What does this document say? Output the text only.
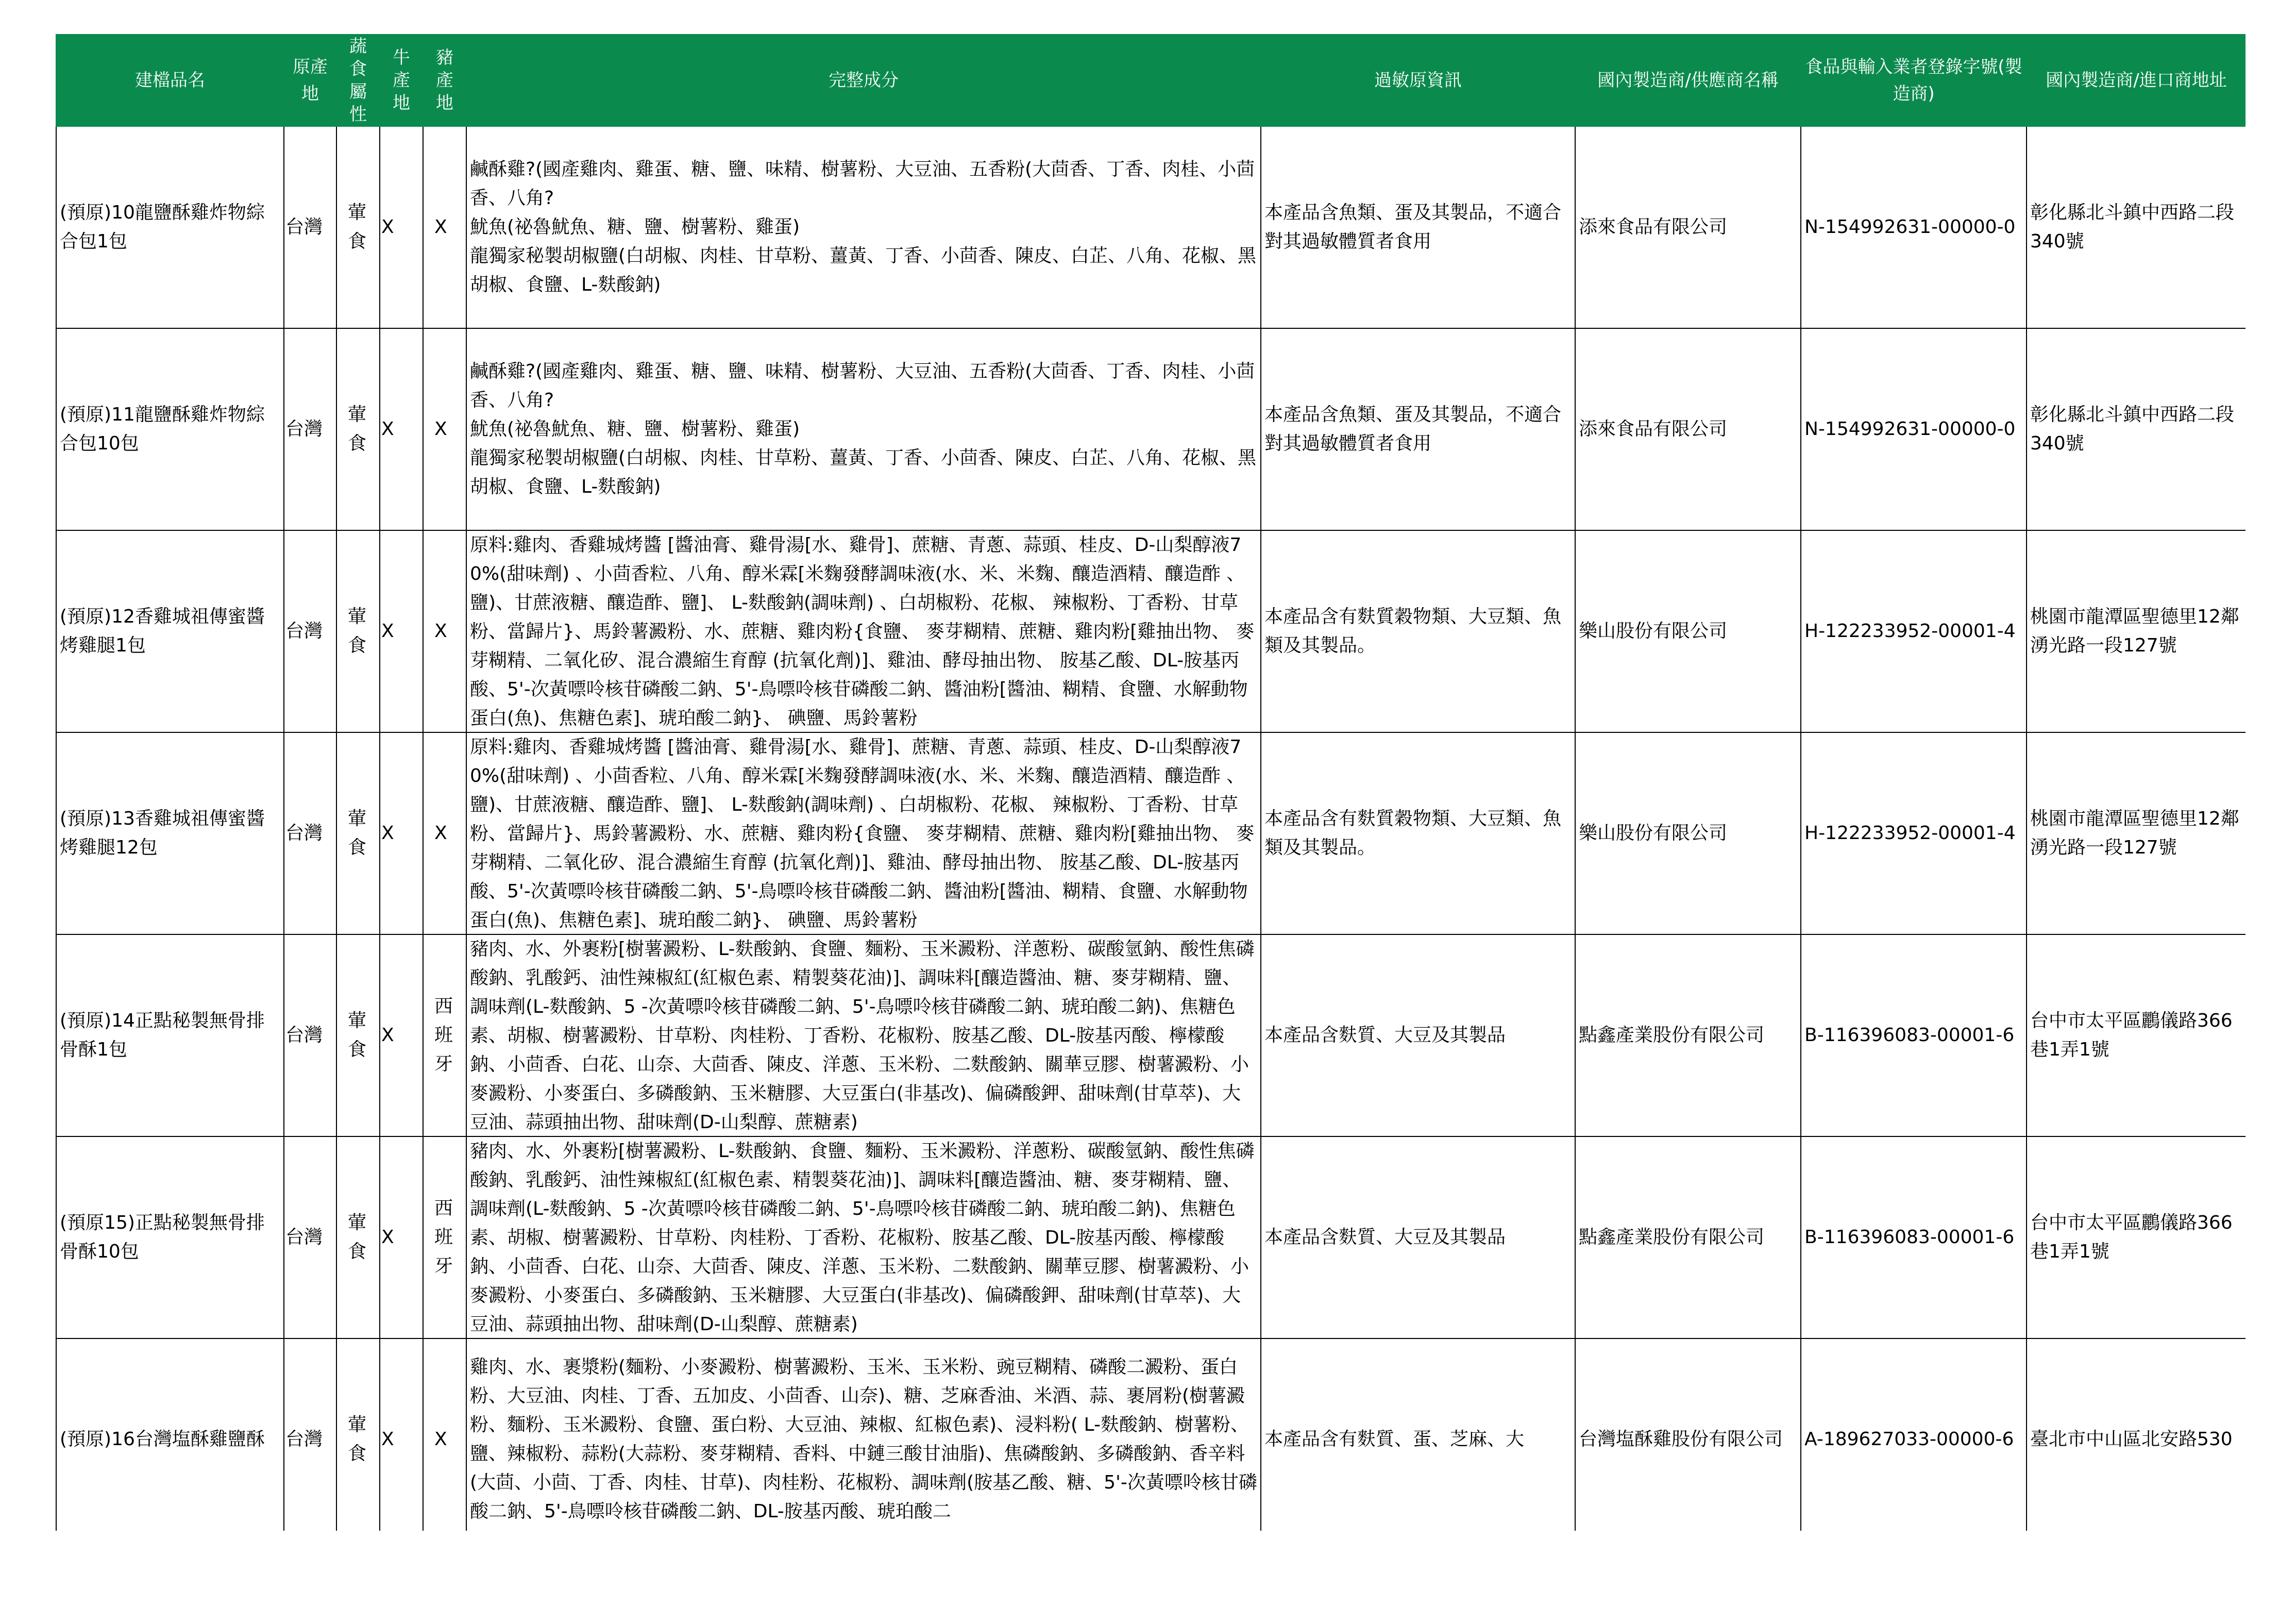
建檔品名	原產地	蔬食屬性	牛產地	豬產地	完整成分	過敏原資訊	國內製造商/供應商名稱	食品與輸入業者登錄字號(製造商)	國內製造商/進口商地址

(預原)10龍鹽酥雞炸物綜合包1包	台灣	葷食	X	X	鹹酥雞?(國產雞肉、雞蛋、糖、鹽、味精、樹薯粉、大豆油、五香粉(大茴香、丁香、肉桂、小茴香、八角?
魷魚(祕魯魷魚、糖、鹽、樹薯粉、雞蛋)
龍獨家秘製胡椒鹽(白胡椒、肉桂、甘草粉、薑黃、丁香、小茴香、陳皮、白芷、八角、花椒、黑胡椒、食鹽、L-麩酸鈉)	本產品含魚類、蛋及其製品，不適合對其過敏體質者食用	添來食品有限公司	N-154992631-00000-0	彰化縣北斗鎮中西路二段340號

(預原)11龍鹽酥雞炸物綜合包10包	台灣	葷食	X	X	鹹酥雞?(國產雞肉、雞蛋、糖、鹽、味精、樹薯粉、大豆油、五香粉(大茴香、丁香、肉桂、小茴香、八角?
魷魚(祕魯魷魚、糖、鹽、樹薯粉、雞蛋)
龍獨家秘製胡椒鹽(白胡椒、肉桂、甘草粉、薑黃、丁香、小茴香、陳皮、白芷、八角、花椒、黑胡椒、食鹽、L-麩酸鈉)	本產品含魚類、蛋及其製品，不適合對其過敏體質者食用	添來食品有限公司	N-154992631-00000-0	彰化縣北斗鎮中西路二段340號

(預原)12香雞城祖傳蜜醬烤雞腿1包	台灣	葷食	X	X	原料:雞肉、香雞城烤醬 [醬油膏、雞骨湯[水、雞骨]、蔗糖、青蔥、蒜頭、桂皮、D-山梨醇液70%(甜味劑) 、小茴香粒、八角、醇米霖[米麴發酵調味液(水、米、米麴、釀造酒精、釀造酢 、鹽)、甘蔗液糖、釀造酢、鹽]、 L-麩酸鈉(調味劑) 、白胡椒粉、花椒、 辣椒粉、丁香粉、甘草粉、當歸片}、馬鈴薯澱粉、水、蔗糖、雞肉粉{食鹽、 麥芽糊精、蔗糖、雞肉粉[雞抽出物、 麥芽糊精、二氧化矽、混合濃縮生育醇 (抗氧化劑)]、雞油、酵母抽出物、 胺基乙酸、DL-胺基丙酸、5'-次黃嘌呤核苷磷酸二鈉、5'-鳥嘌呤核苷磷酸二鈉、醬油粉[醬油、糊精、食鹽、水解動物蛋白(魚)、焦糖色素]、琥珀酸二鈉}、 碘鹽、馬鈴薯粉	本產品含有麩質穀物類、大豆類、魚類及其製品。	樂山股份有限公司	H-122233952-00001-4	桃園市龍潭區聖德里12鄰湧光路一段127號

(預原)13香雞城祖傳蜜醬烤雞腿12包	台灣	葷食	X	X	原料:雞肉、香雞城烤醬 [醬油膏、雞骨湯[水、雞骨]、蔗糖、青蔥、蒜頭、桂皮、D-山梨醇液70%(甜味劑) 、小茴香粒、八角、醇米霖[米麴發酵調味液(水、米、米麴、釀造酒精、釀造酢 、鹽)、甘蔗液糖、釀造酢、鹽]、 L-麩酸鈉(調味劑) 、白胡椒粉、花椒、 辣椒粉、丁香粉、甘草粉、當歸片}、馬鈴薯澱粉、水、蔗糖、雞肉粉{食鹽、 麥芽糊精、蔗糖、雞肉粉[雞抽出物、 麥芽糊精、二氧化矽、混合濃縮生育醇 (抗氧化劑)]、雞油、酵母抽出物、 胺基乙酸、DL-胺基丙酸、5'-次黃嘌呤核苷磷酸二鈉、5'-鳥嘌呤核苷磷酸二鈉、醬油粉[醬油、糊精、食鹽、水解動物蛋白(魚)、焦糖色素]、琥珀酸二鈉}、 碘鹽、馬鈴薯粉	本產品含有麩質穀物類、大豆類、魚類及其製品。	樂山股份有限公司	H-122233952-00001-4	桃園市龍潭區聖德里12鄰湧光路一段127號

(預原)14正點秘製無骨排骨酥1包	台灣	葷食	X	西班牙	豬肉、水、外裹粉[樹薯澱粉、L-麩酸鈉、食鹽、麵粉、玉米澱粉、洋蔥粉、碳酸氫鈉、酸性焦磷酸鈉、乳酸鈣、油性辣椒紅(紅椒色素、精製葵花油)]、調味料[釀造醬油、糖、麥芽糊精、鹽、調味劑(L-麩酸鈉、5 -次黃嘌呤核苷磷酸二鈉、5'-鳥嘌呤核苷磷酸二鈉、琥珀酸二鈉)、焦糖色素、胡椒、樹薯澱粉、甘草粉、肉桂粉、丁香粉、花椒粉、胺基乙酸、DL-胺基丙酸、檸檬酸鈉、小茴香、白花、山奈、大茴香、陳皮、洋蔥、玉米粉、二麩酸鈉、關華豆膠、樹薯澱粉、小麥澱粉、小麥蛋白、多磷酸鈉、玉米糖膠、大豆蛋白(非基改)、偏磷酸鉀、甜味劑(甘草萃)、大豆油、蒜頭抽出物、甜味劑(D-山梨醇、蔗糖素)	本產品含麩質、大豆及其製品	點鑫產業股份有限公司	B-116396083-00001-6	台中市太平區鸝儀路366巷1弄1號

(預原15)正點秘製無骨排骨酥10包	台灣	葷食	X	西班牙	豬肉、水、外裹粉[樹薯澱粉、L-麩酸鈉、食鹽、麵粉、玉米澱粉、洋蔥粉、碳酸氫鈉、酸性焦磷酸鈉、乳酸鈣、油性辣椒紅(紅椒色素、精製葵花油)]、調味料[釀造醬油、糖、麥芽糊精、鹽、調味劑(L-麩酸鈉、5 -次黃嘌呤核苷磷酸二鈉、5'-鳥嘌呤核苷磷酸二鈉、琥珀酸二鈉)、焦糖色素、胡椒、樹薯澱粉、甘草粉、肉桂粉、丁香粉、花椒粉、胺基乙酸、DL-胺基丙酸、檸檬酸鈉、小茴香、白花、山奈、大茴香、陳皮、洋蔥、玉米粉、二麩酸鈉、關華豆膠、樹薯澱粉、小麥澱粉、小麥蛋白、多磷酸鈉、玉米糖膠、大豆蛋白(非基改)、偏磷酸鉀、甜味劑(甘草萃)、大豆油、蒜頭抽出物、甜味劑(D-山梨醇、蔗糖素)	本產品含麩質、大豆及其製品	點鑫產業股份有限公司	B-116396083-00001-6	台中市太平區鸝儀路366巷1弄1號

(預原)16台灣塩酥雞鹽酥	台灣	葷食	X	X	雞肉、水、裹漿粉(麵粉、小麥澱粉、樹薯澱粉、玉米、玉米粉、豌豆糊精、磷酸二澱粉、蛋白粉、大豆油、肉桂、丁香、五加皮、小茴香、山奈)、糖、芝麻香油、米酒、蒜、裹屑粉(樹薯澱粉、麵粉、玉米澱粉、食鹽、蛋白粉、大豆油、辣椒、紅椒色素)、浸料粉( L-麩酸鈉、樹薯粉、鹽、辣椒粉、蒜粉(大蒜粉、麥芽糊精、香料、中鏈三酸甘油脂)、焦磷酸鈉、多磷酸鈉、香辛料(大茴、小茴、丁香、肉桂、甘草)、肉桂粉、花椒粉、調味劑(胺基乙酸、糖、5'-次黃嘌呤核甘磷酸二鈉、5'-鳥嘌呤核苷磷酸二鈉、DL-胺基丙酸、琥珀酸二	本產品含有麩質、蛋、芝麻、大	台灣塩酥雞股份有限公司	A-189627033-00000-6	臺北市中山區北安路530
